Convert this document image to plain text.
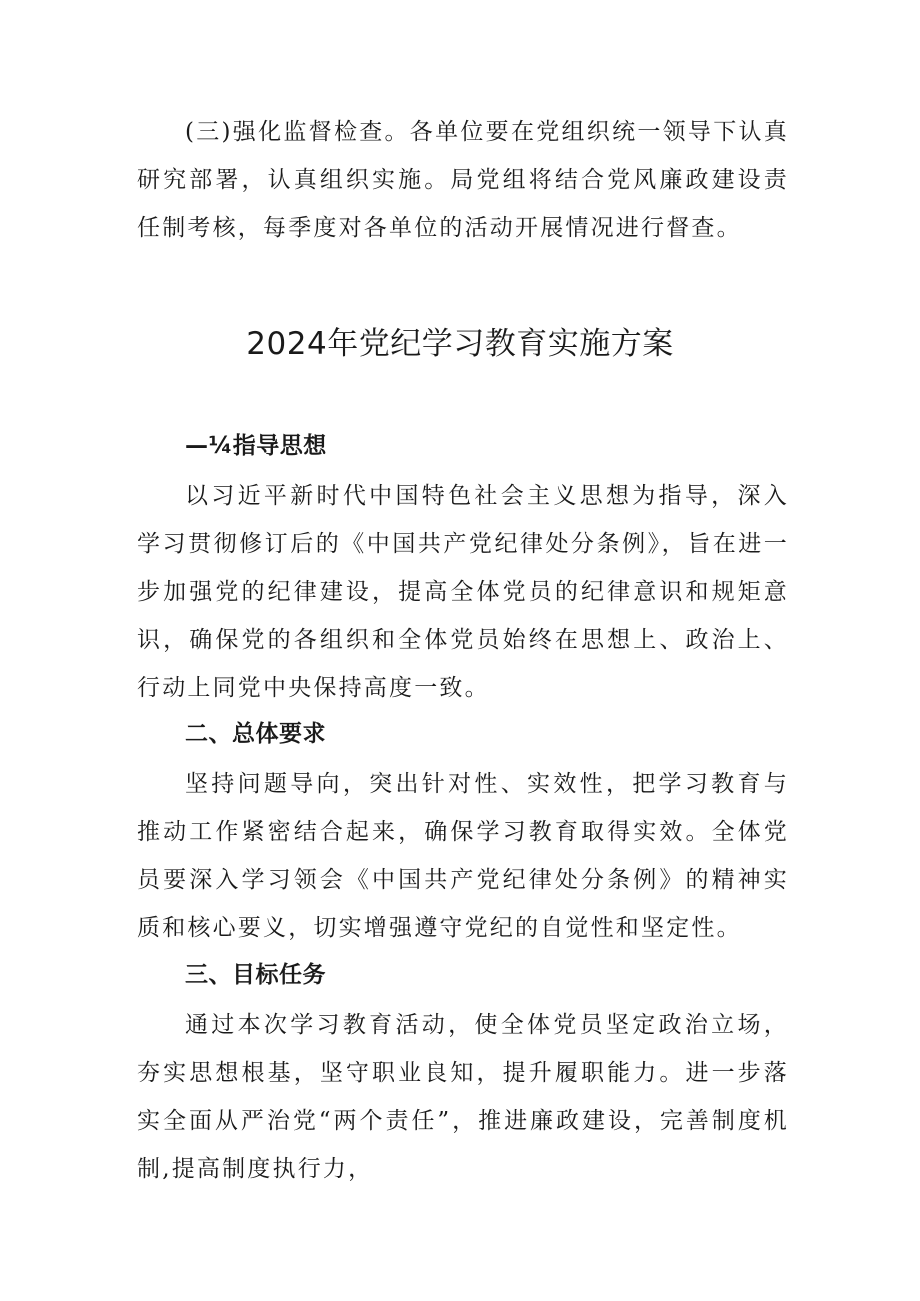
(三)强化监督检查。各单位要在党组织统一领导下认真研究部署，认真组织实施。局党组将结合党风廉政建设责任制考核，每季度对各单位的活动开展情况进行督查。

2024年党纪学习教育实施方案
—¼指导思想

以习近平新时代中国特色社会主义思想为指导，深入学习贯彻修订后的《中国共产党纪律处分条例》，旨在进一步加强党的纪律建设，提高全体党员的纪律意识和规矩意识，确保党的各组织和全体党员始终在思想上、政治上、行动上同党中央保持高度一致。

二、总体要求

坚持问题导向，突出针对性、实效性，把学习教育与推动工作紧密结合起来，确保学习教育取得实效。全体党员要深入学习领会《中国共产党纪律处分条例》的精神实质和核心要义，切实增强遵守党纪的自觉性和坚定性。

三、目标任务

通过本次学习教育活动，使全体党员坚定政治立场，夯实思想根基，坚守职业良知，提升履职能力。进一步落实全面从严治党“两个责任”，推进廉政建设，完善制度机制,提高制度执行力，
